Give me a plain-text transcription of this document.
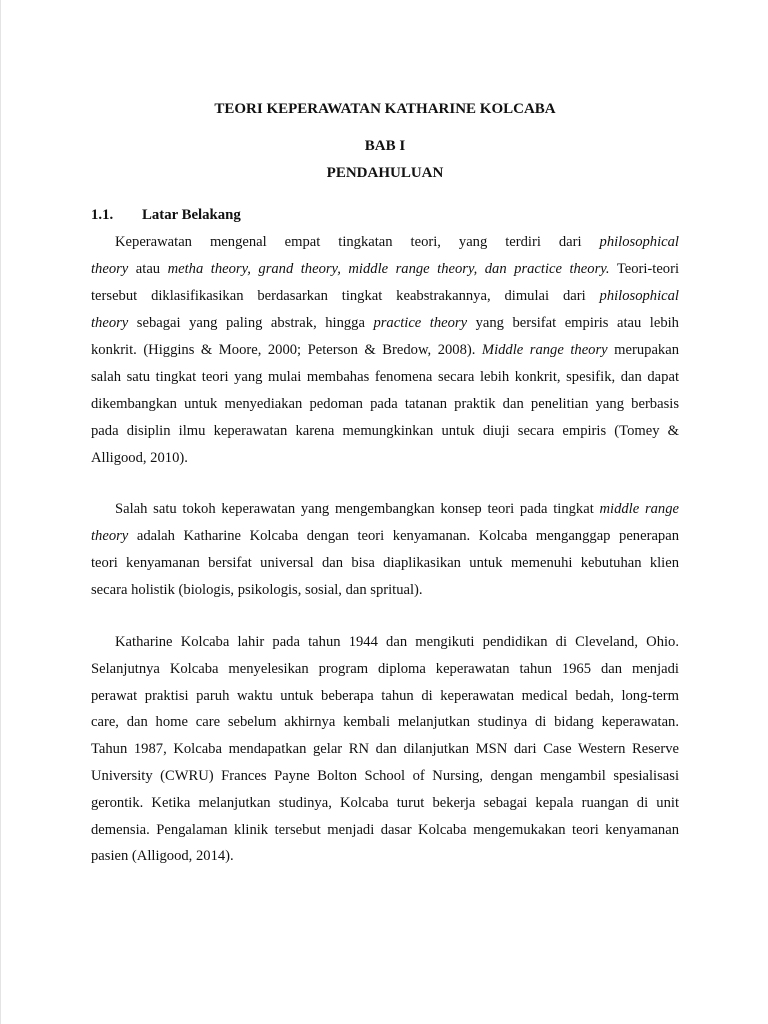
TEORI KEPERAWATAN KATHARINE KOLCABA
BAB I
PENDAHULUAN
1.1. Latar Belakang
Keperawatan mengenal empat tingkatan teori, yang terdiri dari philosophical
theory atau metha theory, grand theory, middle range theory, dan practice theory. Teori-teori
tersebut diklasifikasikan berdasarkan tingkat keabstrakannya, dimulai dari philosophical
theory sebagai yang paling abstrak, hingga practice theory yang bersifat empiris atau lebih
konkrit. (Higgins & Moore, 2000; Peterson & Bredow, 2008). Middle range theory merupakan
salah satu tingkat teori yang mulai membahas fenomena secara lebih konkrit, spesifik, dan dapat
dikembangkan untuk menyediakan pedoman pada tatanan praktik dan penelitian yang berbasis
pada disiplin ilmu keperawatan karena memungkinkan untuk diuji secara empiris (Tomey &
Alligood, 2010).
Salah satu tokoh keperawatan yang mengembangkan konsep teori pada tingkat middle range
theory adalah Katharine Kolcaba dengan teori kenyamanan. Kolcaba menganggap penerapan
teori kenyamanan bersifat universal dan bisa diaplikasikan untuk memenuhi kebutuhan klien
secara holistik (biologis, psikologis, sosial, dan spritual).
Katharine Kolcaba lahir pada tahun 1944 dan mengikuti pendidikan di Cleveland, Ohio.
Selanjutnya Kolcaba menyelesikan program diploma keperawatan tahun 1965 dan menjadi
perawat praktisi paruh waktu untuk beberapa tahun di keperawatan medical bedah, long-term
care, dan home care sebelum akhirnya kembali melanjutkan studinya di bidang keperawatan.
Tahun 1987, Kolcaba mendapatkan gelar RN dan dilanjutkan MSN dari Case Western Reserve
University (CWRU) Frances Payne Bolton School of Nursing, dengan mengambil spesialisasi
gerontik. Ketika melanjutkan studinya, Kolcaba turut bekerja sebagai kepala ruangan di unit
demensia. Pengalaman klinik tersebut menjadi dasar Kolcaba mengemukakan teori kenyamanan
pasien (Alligood, 2014).
